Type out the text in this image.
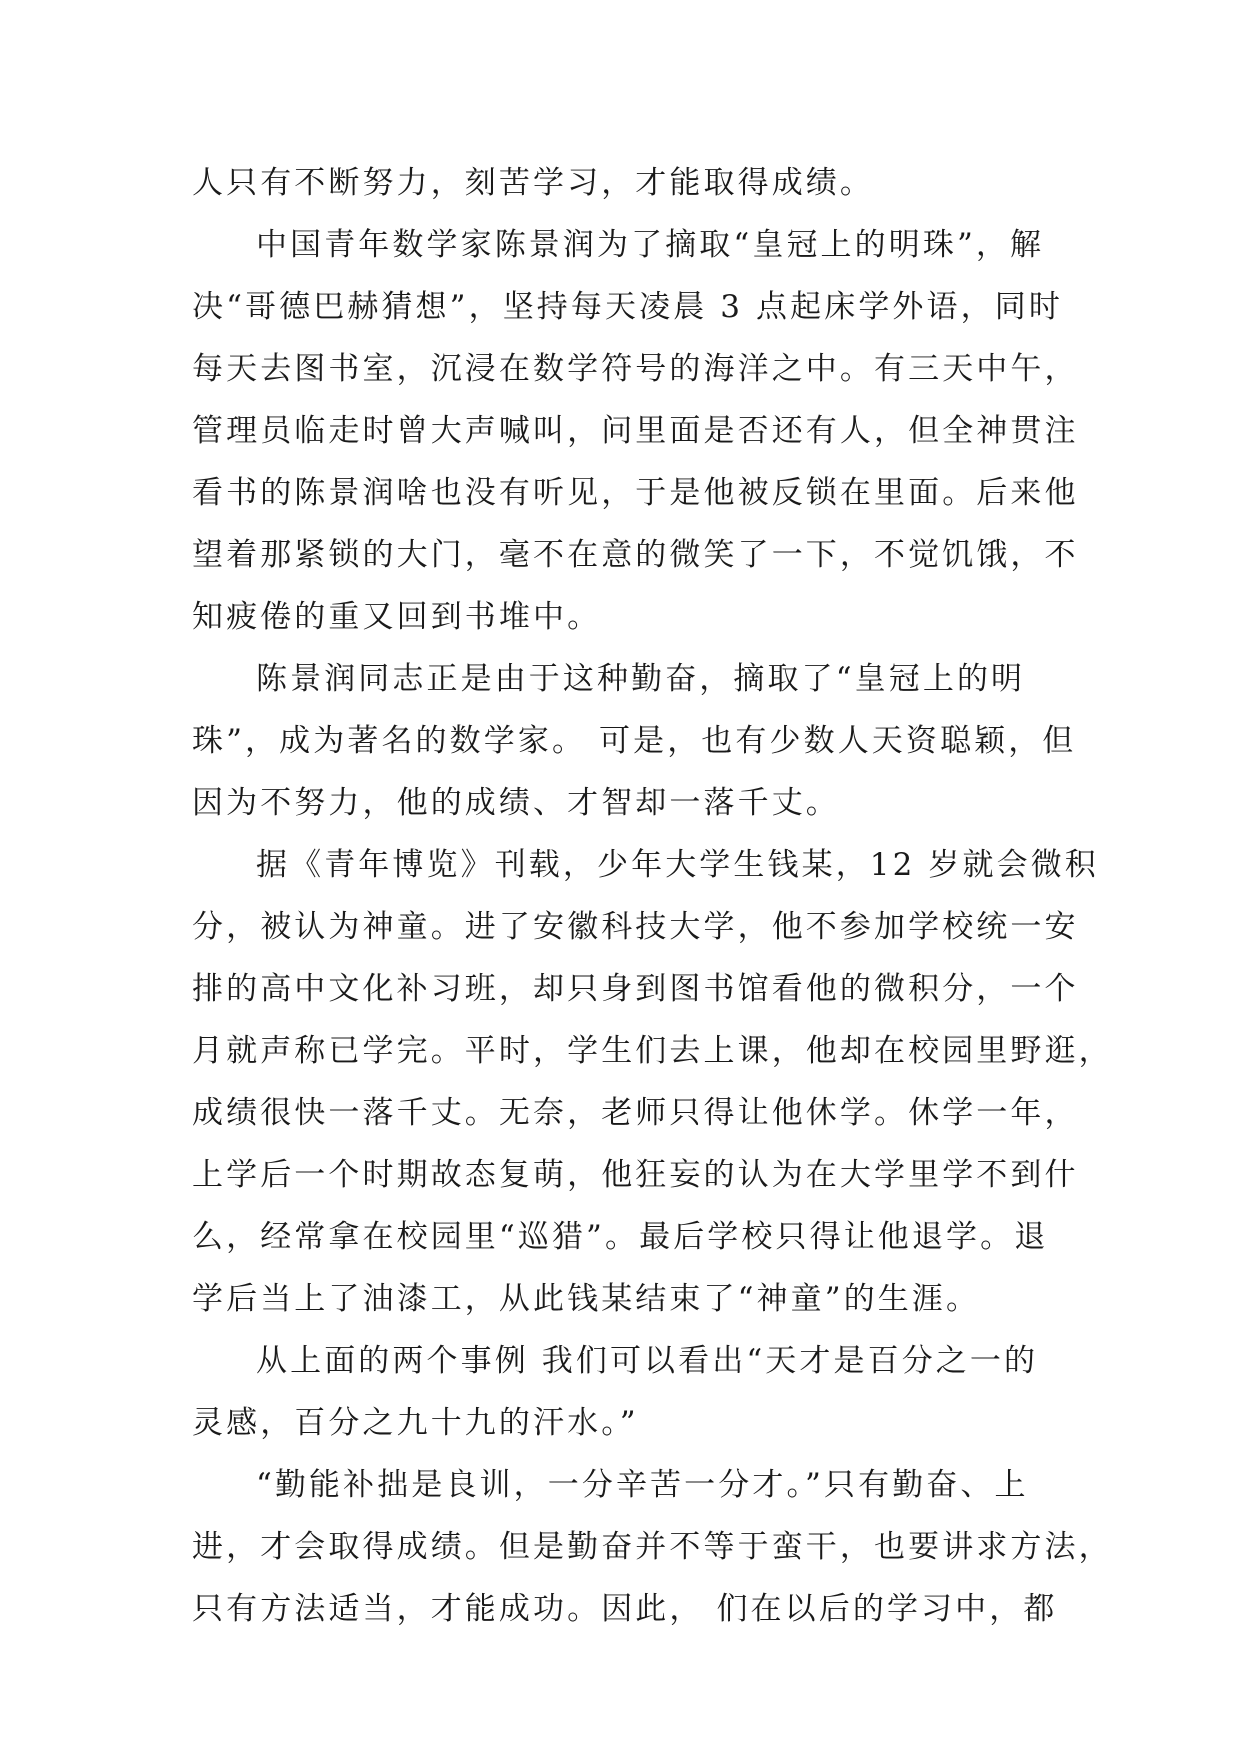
人只有不断努力，刻苦学习，才能取得成绩。
中国青年数学家陈景润为了摘取“皇冠上的明珠”，解
决“哥德巴赫猜想”，坚持每天凌晨 3 点起床学外语，同时
每天去图书室，沉浸在数学符号的海洋之中。有三天中午，
管理员临走时曾大声喊叫，问里面是否还有人，但全神贯注
看书的陈景润啥也没有听见，于是他被反锁在里面。后来他
望着那紧锁的大门，毫不在意的微笑了一下，不觉饥饿，不
知疲倦的重又回到书堆中。
陈景润同志正是由于这种勤奋，摘取了“皇冠上的明
珠”，成为著名的数学家。 可是，也有少数人天资聪颖，但
因为不努力，他的成绩、才智却一落千丈。
据《青年博览》刊载，少年大学生钱某，12 岁就会微积
分，被认为神童。进了安徽科技大学，他不参加学校统一安
排的高中文化补习班，却只身到图书馆看他的微积分，一个
月就声称已学完。平时，学生们去上课，他却在校园里野逛，
成绩很快一落千丈。无奈，老师只得让他休学。休学一年，
上学后一个时期故态复萌，他狂妄的认为在大学里学不到什
么，经常拿在校园里“巡猎”。最后学校只得让他退学。退
学后当上了油漆工，从此钱某结束了“神童”的生涯。
从上面的两个事例 我们可以看出“天才是百分之一的
灵感，百分之九十九的汗水。”
“勤能补拙是良训，一分辛苦一分才。”只有勤奋、上
进，才会取得成绩。但是勤奋并不等于蛮干，也要讲求方法，
只有方法适当，才能成功。因此， 们在以后的学习中，都
